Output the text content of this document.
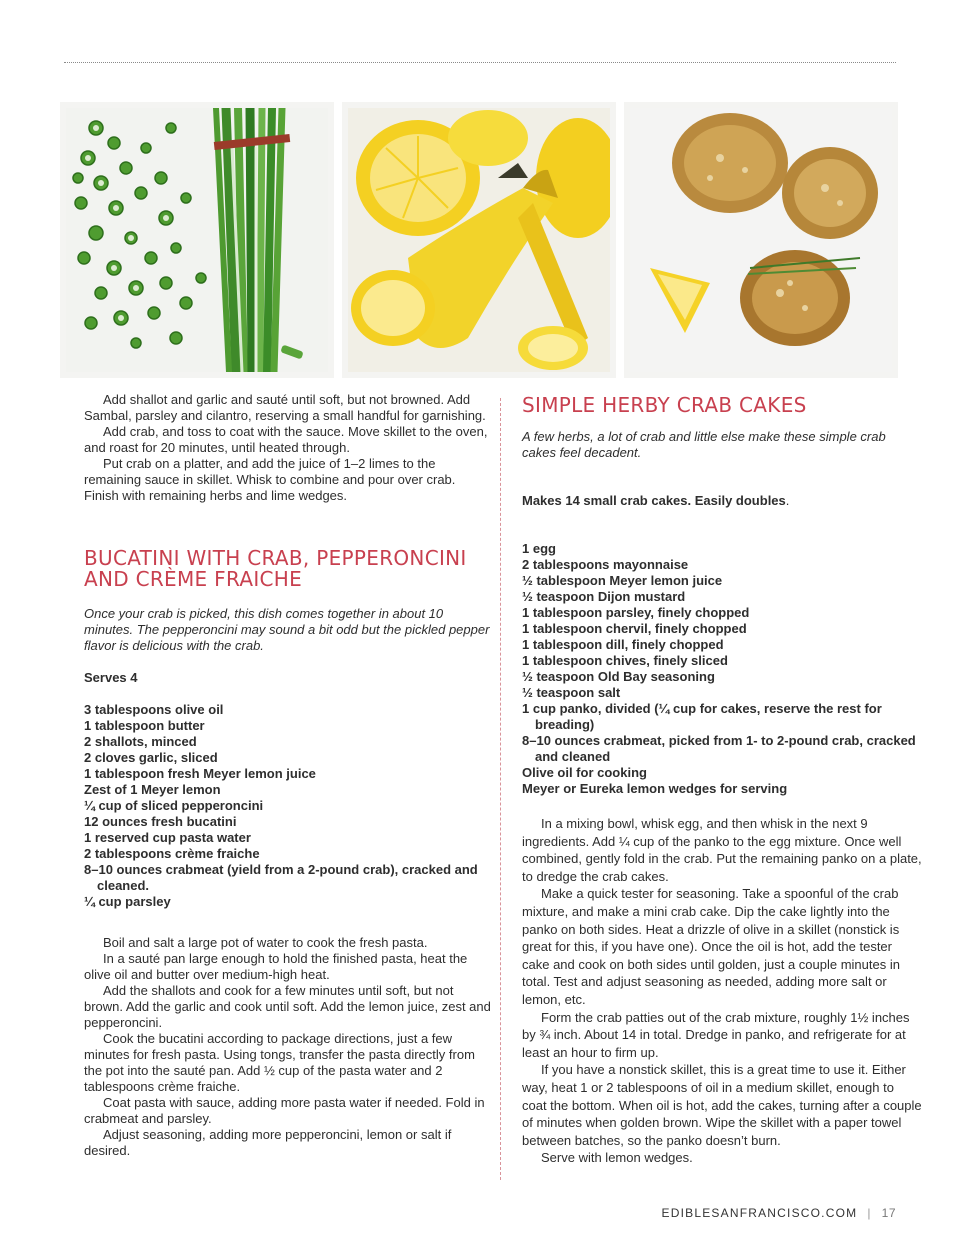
Add shallot and garlic and sauté until soft, but not browned. Add Sambal, parsley and cilantro, reserving a small handful for garnishing.

Add crab, and toss to coat with the sauce. Move skillet to the oven, and roast for 20 minutes, until heated through.

Put crab on a platter, and add the juice of 1–2 limes to the remaining sauce in skillet. Whisk to combine and pour over crab. Finish with remaining herbs and lime wedges.

BUCATINI WITH CRAB, PEPPERONCINI
AND CRÈME FRAICHE

Once your crab is picked, this dish comes together in about 10 minutes. The pepperoncini may sound a bit odd but the pickled pepper flavor is delicious with the crab.

Serves 4

3 tablespoons olive oil
1 tablespoon butter
2 shallots, minced
2 cloves garlic, sliced
1 tablespoon fresh Meyer lemon juice
Zest of 1 Meyer lemon
¼ cup of sliced pepperoncini
12 ounces fresh bucatini
1 reserved cup pasta water
2 tablespoons crème fraiche
8–10 ounces crabmeat (yield from a 2-pound crab), cracked and cleaned.
¼ cup parsley

Boil and salt a large pot of water to cook the fresh pasta.

In a sauté pan large enough to hold the finished pasta, heat the olive oil and butter over medium-high heat.

Add the shallots and cook for a few minutes until soft, but not brown. Add the garlic and cook until soft. Add the lemon juice, zest and pepperoncini.

Cook the bucatini according to package directions, just a few minutes for fresh pasta. Using tongs, transfer the pasta directly from the pot into the sauté pan. Add ½ cup of the pasta water and 2 tablespoons crème fraiche.

Coat pasta with sauce, adding more pasta water if needed. Fold in crabmeat and parsley.

Adjust seasoning, adding more pepperoncini, lemon or salt if desired.

SIMPLE HERBY CRAB CAKES

A few herbs, a lot of crab and little else make these simple crab cakes feel decadent.

Makes 14 small crab cakes. Easily doubles.

1 egg
2 tablespoons mayonnaise
½ tablespoon Meyer lemon juice
½ teaspoon Dijon mustard
1 tablespoon parsley, finely chopped
1 tablespoon chervil, finely chopped
1 tablespoon dill, finely chopped
1 tablespoon chives, finely sliced
½ teaspoon Old Bay seasoning
½ teaspoon salt
1 cup panko, divided (¼ cup for cakes, reserve the rest for breading)
8–10 ounces crabmeat, picked from 1- to 2-pound crab, cracked and cleaned
Olive oil for cooking
Meyer or Eureka lemon wedges for serving

In a mixing bowl, whisk egg, and then whisk in the next 9 ingredients. Add ¼ cup of the panko to the egg mixture. Once well combined, gently fold in the crab. Put the remaining panko on a plate, to dredge the crab cakes.

Make a quick tester for seasoning. Take a spoonful of the crab mixture, and make a mini crab cake. Dip the cake lightly into the panko on both sides. Heat a drizzle of olive in a skillet (nonstick is great for this, if you have one). Once the oil is hot, add the tester cake and cook on both sides until golden, just a couple minutes in total. Test and adjust seasoning as needed, adding more salt or lemon, etc.

Form the crab patties out of the crab mixture, roughly 1½ inches by ¾ inch. About 14 in total. Dredge in panko, and refrigerate for at least an hour to firm up.

If you have a nonstick skillet, this is a great time to use it. Either way, heat 1 or 2 tablespoons of oil in a medium skillet, enough to coat the bottom. When oil is hot, add the cakes, turning after a couple of minutes when golden brown. Wipe the skillet with a paper towel between batches, so the panko doesn’t burn.

Serve with lemon wedges.

EDIBLESANFRANCISCO.COM | 17
